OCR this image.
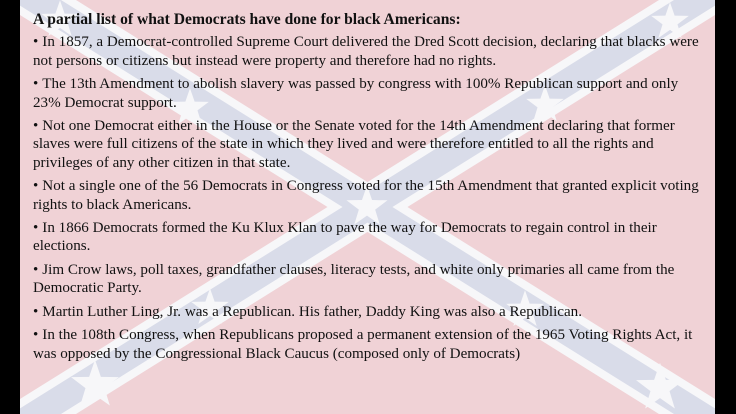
A partial list of what Democrats have done for black Americans:
• In 1857, a Democrat-controlled Supreme Court delivered the Dred Scott decision, declaring that blacks were not persons or citizens but instead were property and therefore had no rights.
• The 13th Amendment to abolish slavery was passed by congress with 100% Republican support and only 23% Democrat support.
• Not one Democrat either in the House or the Senate voted for the 14th Amendment declaring that former slaves were full citizens of the state in which they lived and were therefore entitled to all the rights and privileges of any other citizen in that state.
• Not a single one of the 56 Democrats in Congress voted for the 15th Amendment that granted explicit voting rights to black Americans.
• In 1866 Democrats formed the Ku Klux Klan to pave the way for Democrats to regain control in their elections.
• Jim Crow laws, poll taxes, grandfather clauses, literacy tests, and white only primaries all came from the Democratic Party.
• Martin Luther Ling, Jr. was a Republican. His father, Daddy King was also a Republican.
• In the 108th Congress, when Republicans proposed a permanent extension of the 1965 Voting Rights Act, it was opposed by the Congressional Black Caucus (composed only of Democrats)
